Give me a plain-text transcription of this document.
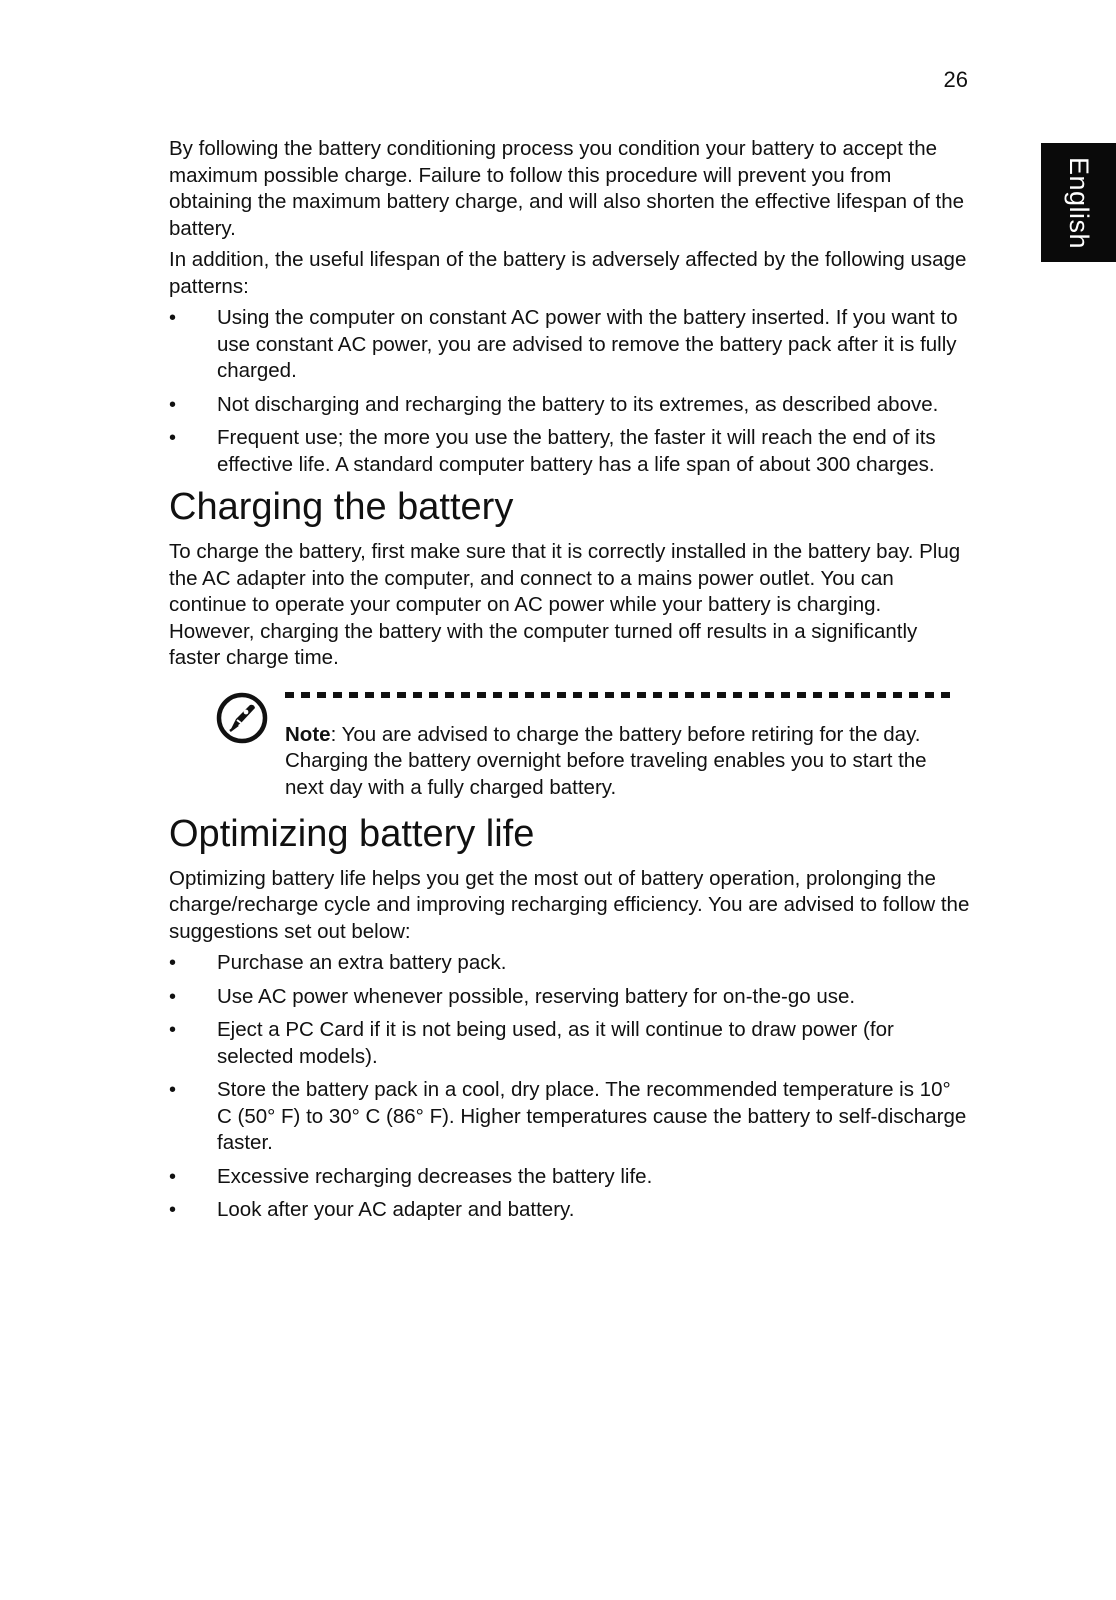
26
English

By following the battery conditioning process you condition your battery to accept the maximum possible charge. Failure to follow this procedure will prevent you from obtaining the maximum battery charge, and will also shorten the effective lifespan of the battery.

In addition, the useful lifespan of the battery is adversely affected by the following usage patterns:

•	Using the computer on constant AC power with the battery inserted. If you want to use constant AC power, you are advised to remove the battery pack after it is fully charged.
•	Not discharging and recharging the battery to its extremes, as described above.
•	Frequent use; the more you use the battery, the faster it will reach the end of its effective life. A standard computer battery has a life span of about 300 charges.
Charging the battery

To charge the battery, first make sure that it is correctly installed in the battery bay. Plug the AC adapter into the computer, and connect to a mains power outlet. You can continue to operate your computer on AC power while your battery is charging. However, charging the battery with the computer turned off results in a significantly faster charge time.

Note: You are advised to charge the battery before retiring for the day. Charging the battery overnight before traveling enables you to start the next day with a fully charged battery.
Optimizing battery life

Optimizing battery life helps you get the most out of battery operation, prolonging the charge/recharge cycle and improving recharging efficiency. You are advised to follow the suggestions set out below:

•	Purchase an extra battery pack.
•	Use AC power whenever possible, reserving battery for on-the-go use.
•	Eject a PC Card if it is not being used, as it will continue to draw power (for selected models).
•	Store the battery pack in a cool, dry place. The recommended temperature is 10° C (50° F) to 30° C (86° F). Higher temperatures cause the battery to self-discharge faster.
•	Excessive recharging decreases the battery life.
•	Look after your AC adapter and battery.
